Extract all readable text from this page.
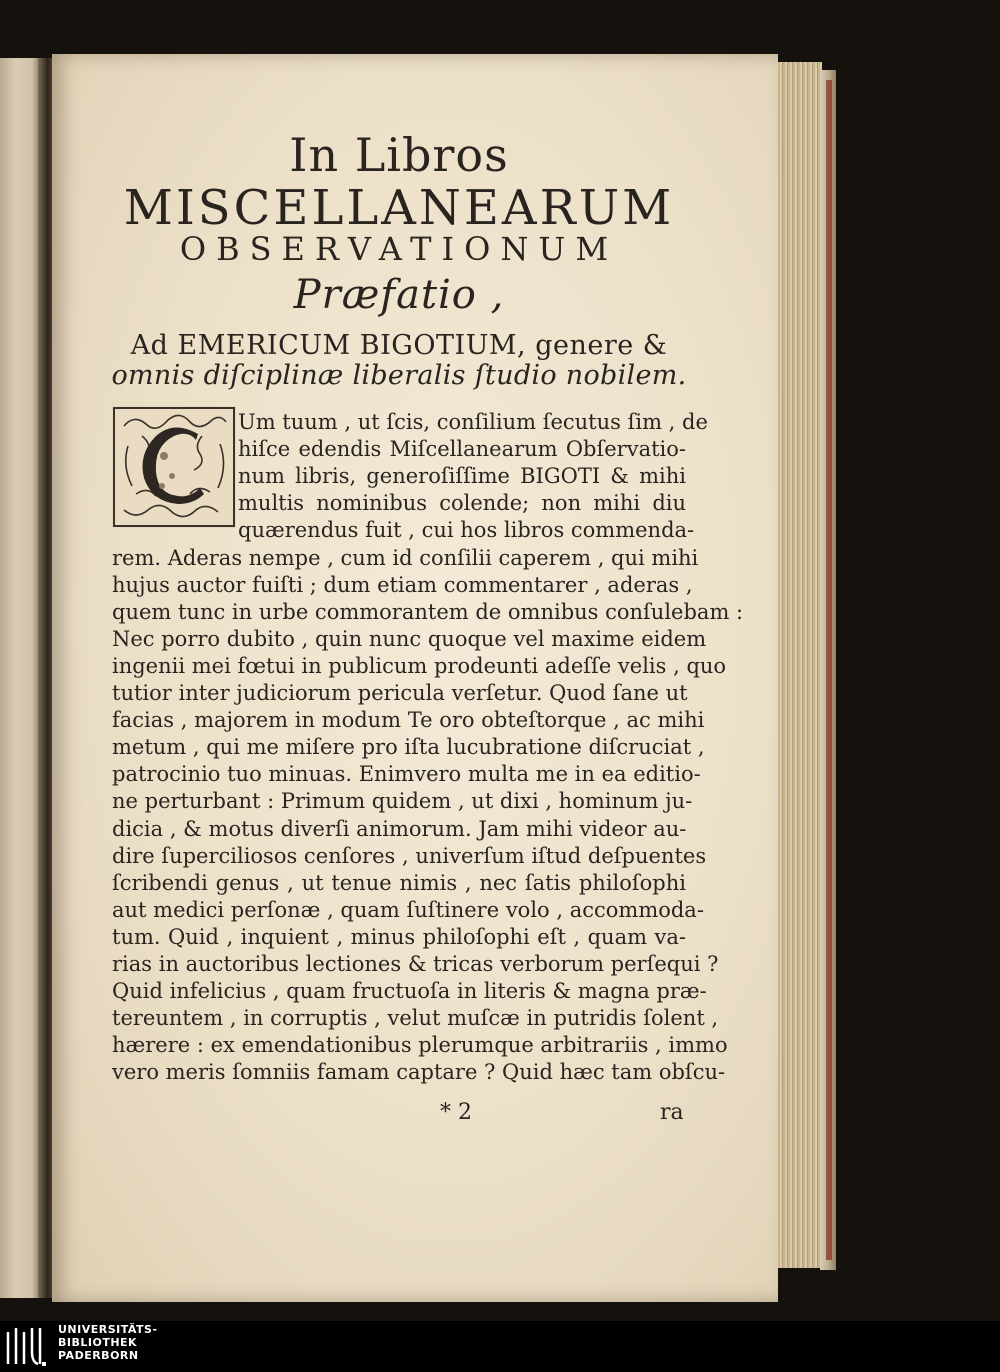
In Libros
MISCELLANEARUM
OBSERVATIONUM
Præfatio ,
Ad EMERICUM BIGOTIUM, genere &
omnis diſciplinæ liberalis ſtudio nobilem.
Um tuum , ut ſcis, conſilium ſecutus ſim , de
hiſce edendis Miſcellanearum Obſervatio-
num libris, generoſiſſime BIGOTI & mihi
multis nominibus colende; non mihi diu
quærendus fuit , cui hos libros commenda-
rem. Aderas nempe , cum id conſilii caperem , qui mihi
hujus auctor fuiſti ; dum etiam commentarer , aderas ,
quem tunc in urbe commorantem de omnibus conſulebam :
Nec porro dubito , quin nunc quoque vel maxime eidem
ingenii mei fœtui in publicum prodeunti adeſſe velis , quo
tutior inter judiciorum pericula verſetur. Quod ſane ut
facias , majorem in modum Te oro obteſtorque , ac mihi
metum , qui me miſere pro iſta lucubratione diſcruciat ,
patrocinio tuo minuas. Enimvero multa me in ea editio-
ne perturbant : Primum quidem , ut dixi , hominum ju-
dicia , & motus diverſi animorum. Jam mihi videor au-
dire ſuperciliosos cenſores , univerſum iſtud deſpuentes
ſcribendi genus , ut tenue nimis , nec ſatis philoſophi
aut medici perſonæ , quam ſuſtinere volo , accommoda-
tum. Quid , inquient , minus philoſophi eſt , quam va-
rias in auctoribus lectiones & tricas verborum perſequi ?
Quid infelicius , quam fructuoſa in literis & magna præ-
tereuntem , in corruptis , velut muſcæ in putridis ſolent ,
hærere : ex emendationibus plerumque arbitrariis , immo
vero meris ſomniis famam captare ? Quid hæc tam obſcu-
* 2	ra
UNIVERSITÄTS-
BIBLIOTHEK
PADERBORN
